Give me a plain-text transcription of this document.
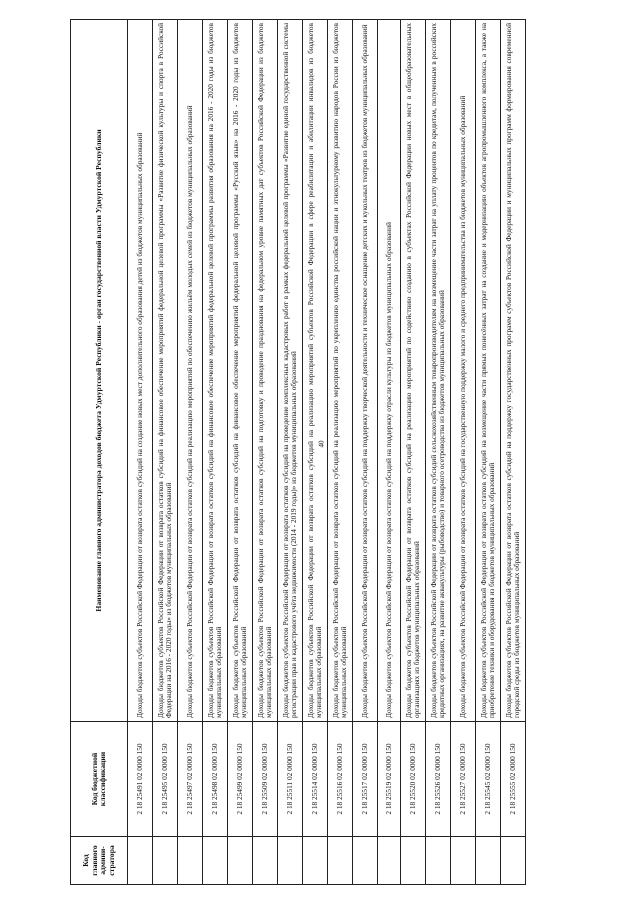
40
Код главного админи-стратора	Код бюджетной классификации	Наименование главного администратора доходов бюджета Удмуртской Республики - орган государственной власти Удмуртской Республики
	2 18 25491 02 0000 150	Доходы бюджетов субъектов Российской Федерации от возврата остатков субсидий на создание новых мест дополнительного образования детей из бюджетов муниципальных образований
	2 18 25495 02 0000 150	Доходы бюджетов субъектов Российской Федерации от возврата остатков субсидий на финансовое обеспечение мероприятий федеральной целевой программы «Развитие физической культуры и спорта в Российской Федерации на 2016 - 2020 годы» из бюджетов муниципальных образований
	2 18 25497 02 0000 150	Доходы бюджетов субъектов Российской Федерации от возврата остатков субсидий на реализацию мероприятий по обеспечению жильём молодых семей из бюджетов муниципальных образований
	2 18 25498 02 0000 150	Доходы бюджетов субъектов Российской Федерации от возврата остатков субсидий на финансовое обеспечение мероприятий федеральной целевой программы развития образования на 2016 - 2020 годы из бюджетов муниципальных образований
	2 18 25499 02 0000 150	Доходы бюджетов субъектов Российской Федерации от возврата остатков субсидий на финансовое обеспечение мероприятий федеральной целевой программы «Русский язык» на 2016 - 2020 годы из бюджетов муниципальных образований
	2 18 25509 02 0000 150	Доходы бюджетов субъектов Российской Федерации от возврата остатков субсидий на подготовку и проведение празднования на федеральном уровне памятных дат субъектов Российской Федерации из бюджетов муниципальных образований
	2 18 25511 02 0000 150	Доходы бюджетов субъектов Российской Федерации от возврата остатков субсидий на проведение комплексных кадастровых работ в рамках федеральной целевой программы «Развитие единой государственной системы регистрации прав и кадастрового учёта недвижимости (2014 - 2019 годы)» из бюджетов муниципальных образований
	2 18 25514 02 0000 150	Доходы бюджетов субъектов Российской Федерации от возврата остатков субсидий на реализацию мероприятий субъектов Российской Федерации в сфере реабилитации и абилитации инвалидов из бюджетов муниципальных образований
	2 18 25516 02 0000 150	Доходы бюджетов субъектов Российской Федерации от возврата остатков субсидий на реализацию мероприятий по укреплению единства российской нации и этнокультурному развитию народов России из бюджетов муниципальных образований
	2 18 25517 02 0000 150	Доходы бюджетов субъектов Российской Федерации от возврата остатков субсидий на поддержку творческой деятельности и техническое оснащение детских и кукольных театров из бюджетов муниципальных образований
	2 18 25519 02 0000 150	Доходы бюджетов субъектов Российской Федерации от возврата остатков субсидий на поддержку отрасли культуры из бюджетов муниципальных образований
	2 18 25520 02 0000 150	Доходы бюджетов субъектов Российской Федерации от возврата остатков субсидий на реализацию мероприятий по содействию созданию в субъектах Российской Федерации новых мест в общеобразовательных организациях из бюджетов муниципальных образований
	2 18 25526 02 0000 150	Доходы бюджетов субъектов Российской Федерации от возврата остатков субсидий сельскохозяйственным товаропроизводителям на возмещение части затрат на уплату процентов по кредитам, полученным в российских кредитных организациях, на развитие аквакультуры (рыбоводство) и товарного осетроводства из бюджетов муниципальных образований
	2 18 25527 02 0000 150	Доходы бюджетов субъектов Российской Федерации от возврата остатков субсидий на государственную поддержку малого и среднего предпринимательства из бюджетов муниципальных образований
	2 18 25545 02 0000 150	Доходы бюджетов субъектов Российской Федерации от возврата остатков субсидий на возмещение части прямых понесённых затрат на создание и модернизацию объектов агропромышленного комплекса, а также на приобретение техники и оборудования из бюджетов муниципальных образований
	2 18 25555 02 0000 150	Доходы бюджетов субъектов Российской Федерации от возврата остатков субсидий на поддержку государственных программ субъектов Российской Федерации и муниципальных программ формирования современной городской среды из бюджетов муниципальных образований
